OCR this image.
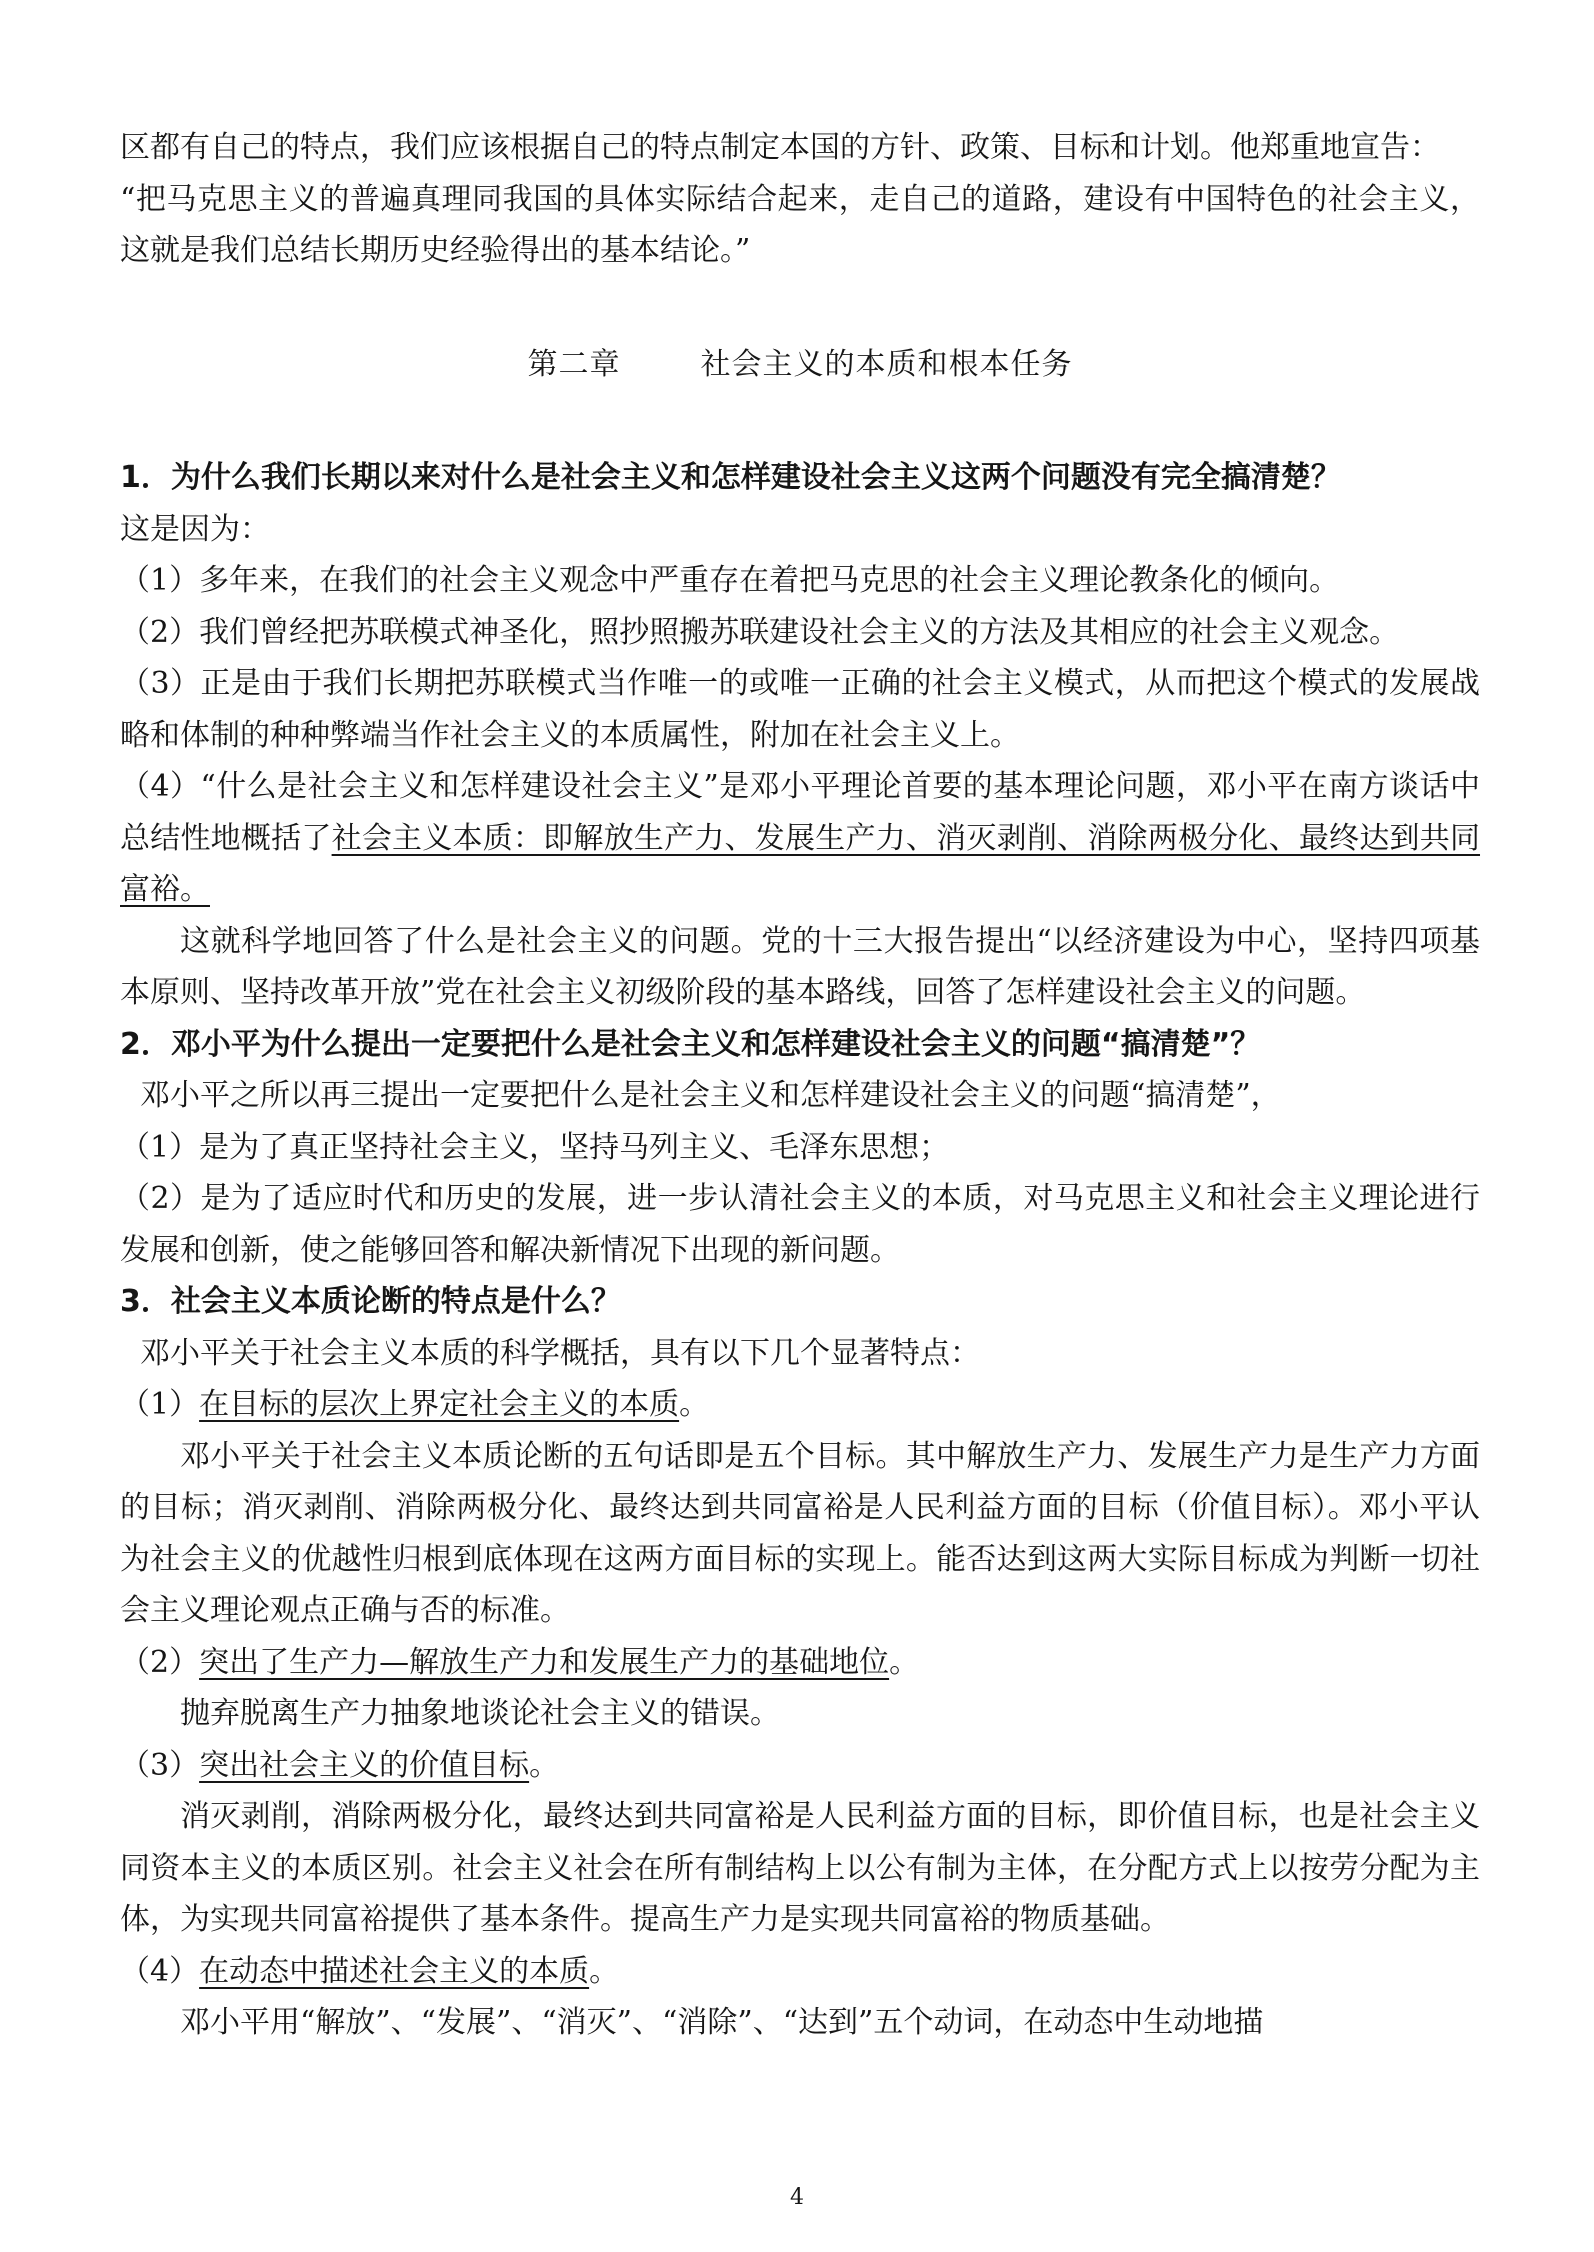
区都有自己的特点，我们应该根据自己的特点制定本国的方针、政策、目标和计划。他郑重地宣告：

“把马克思主义的普遍真理同我国的具体实际结合起来，走自己的道路，建设有中国特色的社会主义，这就是我们总结长期历史经验得出的基本结论。”

第二章	社会主义的本质和根本任务

1．为什么我们长期以来对什么是社会主义和怎样建设社会主义这两个问题没有完全搞清楚？

这是因为：

（1）多年来，在我们的社会主义观念中严重存在着把马克思的社会主义理论教条化的倾向。

（2）我们曾经把苏联模式神圣化，照抄照搬苏联建设社会主义的方法及其相应的社会主义观念。

（3）正是由于我们长期把苏联模式当作唯一的或唯一正确的社会主义模式，从而把这个模式的发展战略和体制的种种弊端当作社会主义的本质属性，附加在社会主义上。

（4）“什么是社会主义和怎样建设社会主义”是邓小平理论首要的基本理论问题，邓小平在南方谈话中总结性地概括了社会主义本质：即解放生产力、发展生产力、消灭剥削、消除两极分化、最终达到共同富裕。

这就科学地回答了什么是社会主义的问题。党的十三大报告提出“以经济建设为中心，坚持四项基本原则、坚持改革开放”党在社会主义初级阶段的基本路线，回答了怎样建设社会主义的问题。

2．邓小平为什么提出一定要把什么是社会主义和怎样建设社会主义的问题“搞清楚”？

邓小平之所以再三提出一定要把什么是社会主义和怎样建设社会主义的问题“搞清楚”，

（1）是为了真正坚持社会主义，坚持马列主义、毛泽东思想；

（2）是为了适应时代和历史的发展，进一步认清社会主义的本质，对马克思主义和社会主义理论进行发展和创新，使之能够回答和解决新情况下出现的新问题。

3．社会主义本质论断的特点是什么？

邓小平关于社会主义本质的科学概括，具有以下几个显著特点：

（1）在目标的层次上界定社会主义的本质。

邓小平关于社会主义本质论断的五句话即是五个目标。其中解放生产力、发展生产力是生产力方面的目标；消灭剥削、消除两极分化、最终达到共同富裕是人民利益方面的目标（价值目标）。邓小平认为社会主义的优越性归根到底体现在这两方面目标的实现上。能否达到这两大实际目标成为判断一切社会主义理论观点正确与否的标准。

（2）突出了生产力—解放生产力和发展生产力的基础地位。

抛弃脱离生产力抽象地谈论社会主义的错误。

（3）突出社会主义的价值目标。

消灭剥削，消除两极分化，最终达到共同富裕是人民利益方面的目标，即价值目标，也是社会主义同资本主义的本质区别。社会主义社会在所有制结构上以公有制为主体，在分配方式上以按劳分配为主体，为实现共同富裕提供了基本条件。提高生产力是实现共同富裕的物质基础。

（4）在动态中描述社会主义的本质。

邓小平用“解放”、“发展”、“消灭”、“消除”、“达到”五个动词，在动态中生动地描

4
